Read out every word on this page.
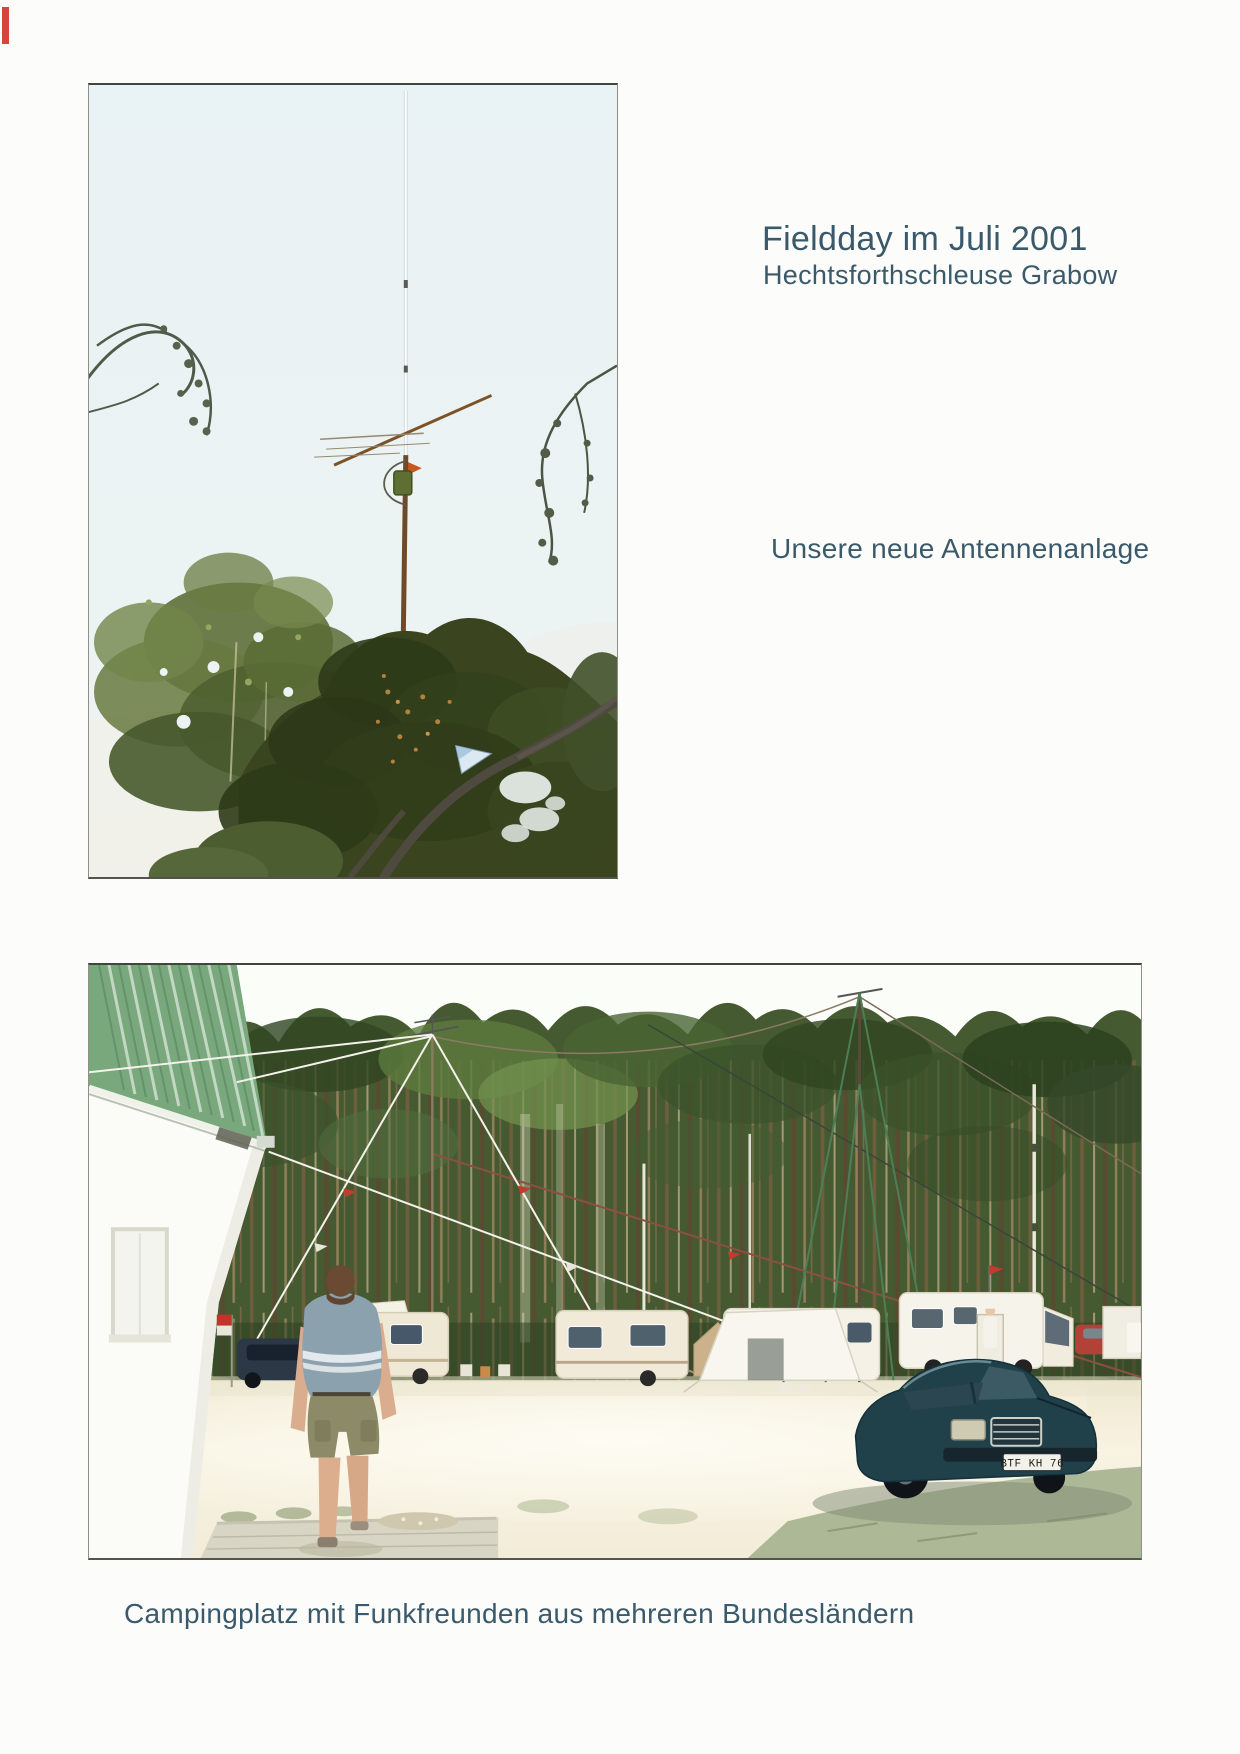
Fieldday im Juli 2001
Hechtsforthschleuse Grabow
Unsere neue Antennenanlage
BTF KH 76
Campingplatz mit Funkfreunden aus mehreren Bundesländern
